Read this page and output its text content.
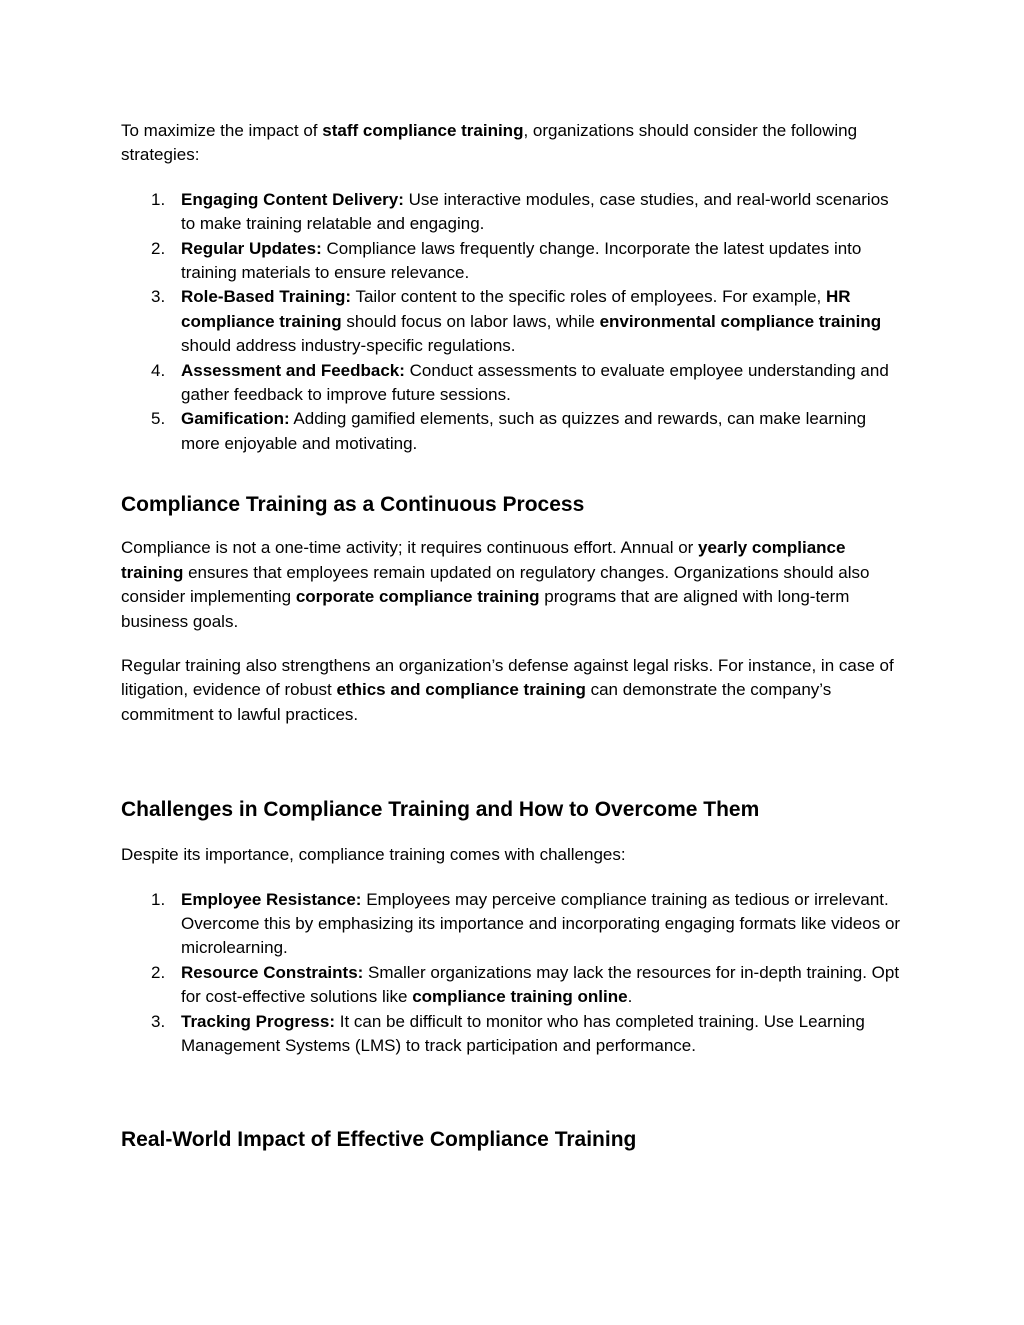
To maximize the impact of staff compliance training, organizations should consider the following strategies:

1. Engaging Content Delivery: Use interactive modules, case studies, and real-world scenarios to make training relatable and engaging.
2. Regular Updates: Compliance laws frequently change. Incorporate the latest updates into training materials to ensure relevance.
3. Role-Based Training: Tailor content to the specific roles of employees. For example, HR compliance training should focus on labor laws, while environmental compliance training should address industry-specific regulations.
4. Assessment and Feedback: Conduct assessments to evaluate employee understanding and gather feedback to improve future sessions.
5. Gamification: Adding gamified elements, such as quizzes and rewards, can make learning more enjoyable and motivating.
Compliance Training as a Continuous Process

Compliance is not a one-time activity; it requires continuous effort. Annual or yearly compliance training ensures that employees remain updated on regulatory changes. Organizations should also consider implementing corporate compliance training programs that are aligned with long-term business goals.

Regular training also strengthens an organization’s defense against legal risks. For instance, in case of litigation, evidence of robust ethics and compliance training can demonstrate the company’s commitment to lawful practices.

Challenges in Compliance Training and How to Overcome Them

Despite its importance, compliance training comes with challenges:

1. Employee Resistance: Employees may perceive compliance training as tedious or irrelevant. Overcome this by emphasizing its importance and incorporating engaging formats like videos or microlearning.
2. Resource Constraints: Smaller organizations may lack the resources for in-depth training. Opt for cost-effective solutions like compliance training online.
3. Tracking Progress: It can be difficult to monitor who has completed training. Use Learning Management Systems (LMS) to track participation and performance.
Real-World Impact of Effective Compliance Training
